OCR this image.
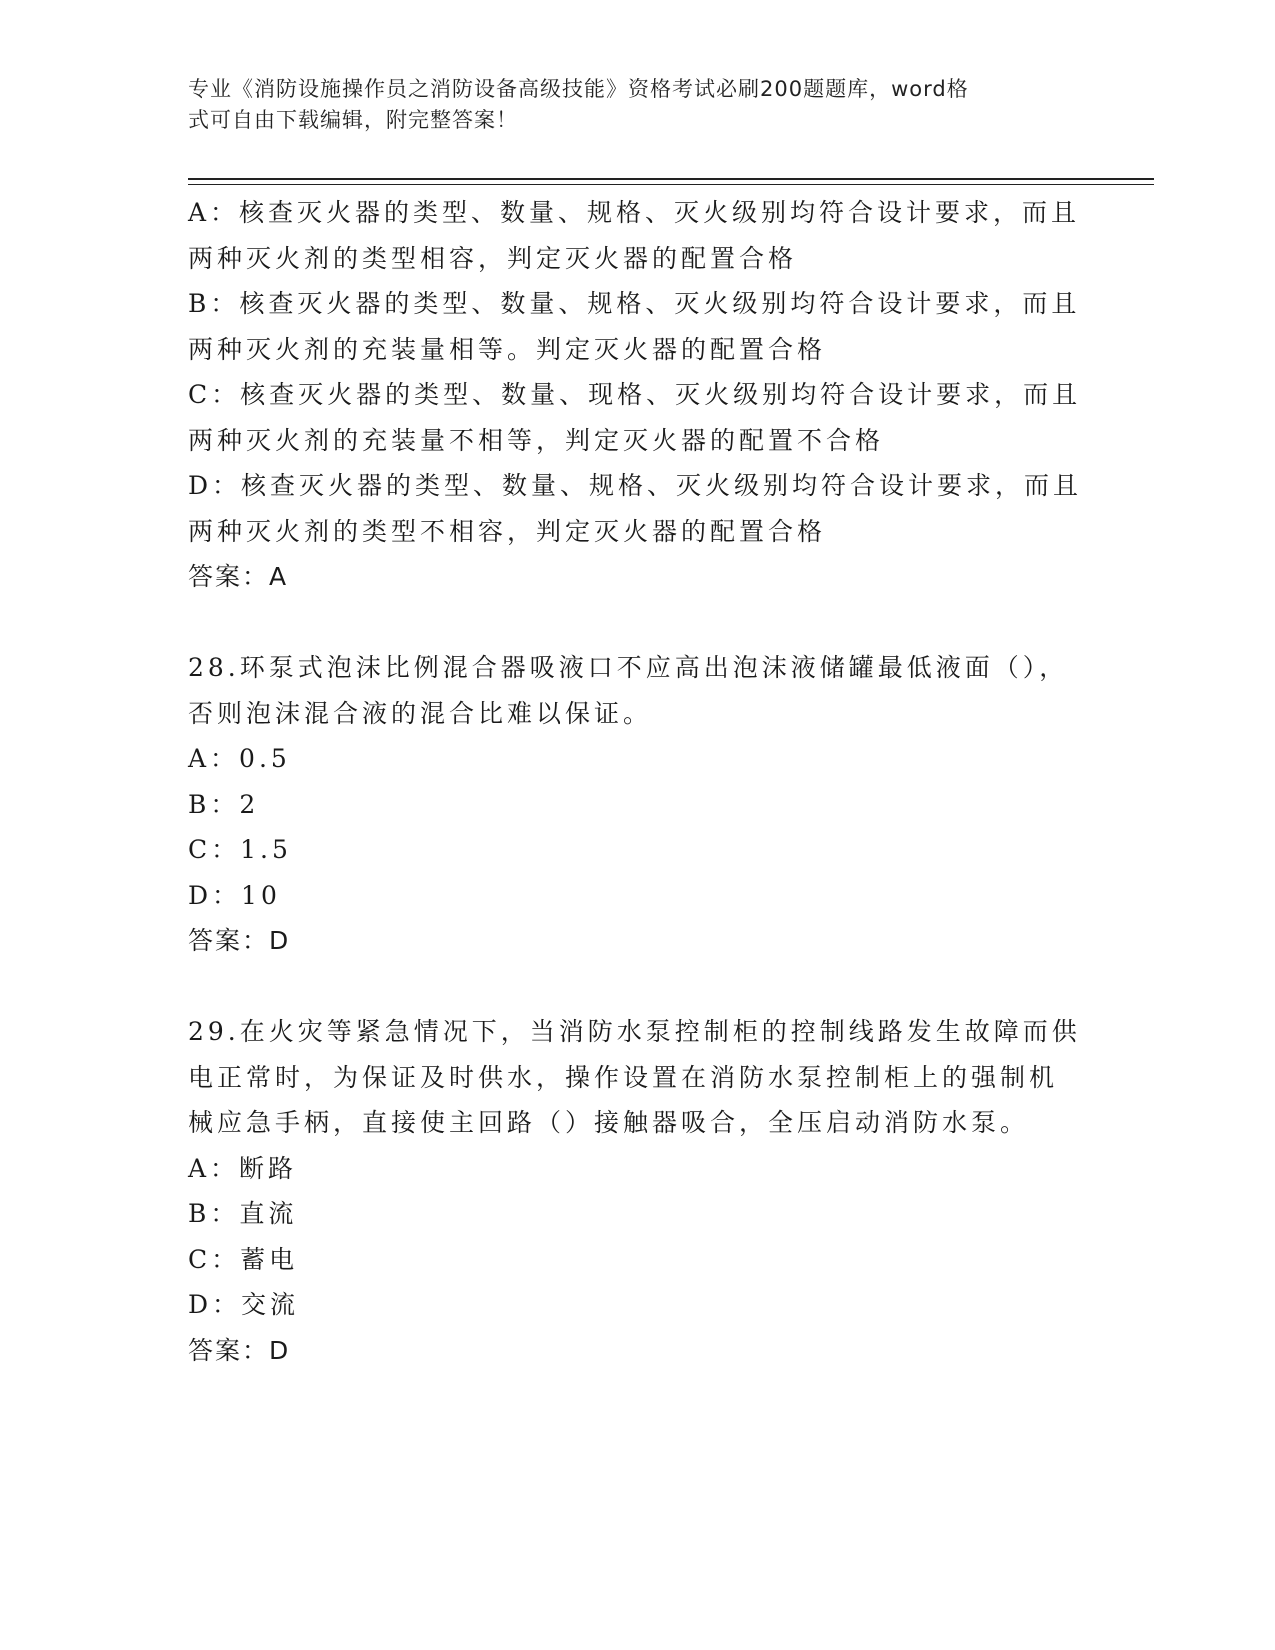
专业《消防设施操作员之消防设备高级技能》资格考试必刷200题题库，word格
式可自由下载编辑，附完整答案！
A：核查灭火器的类型、数量、规格、灭火级别均符合设计要求，而且
两种灭火剂的类型相容，判定灭火器的配置合格
B：核查灭火器的类型、数量、规格、灭火级别均符合设计要求，而且
两种灭火剂的充装量相等。判定灭火器的配置合格
C：核查灭火器的类型、数量、现格、灭火级别均符合设计要求，而且
两种灭火剂的充装量不相等，判定灭火器的配置不合格
D：核查灭火器的类型、数量、规格、灭火级别均符合设计要求，而且
两种灭火剂的类型不相容，判定灭火器的配置合格
答案：A
28.环泵式泡沫比例混合器吸液口不应高出泡沫液储罐最低液面（），
否则泡沫混合液的混合比难以保证。
A：0.5
B：2
C：1.5
D：10
答案：D
29.在火灾等紧急情况下，当消防水泵控制柜的控制线路发生故障而供
电正常时，为保证及时供水，操作设置在消防水泵控制柜上的强制机
械应急手柄，直接使主回路（）接触器吸合，全压启动消防水泵。
A：断路
B：直流
C：蓄电
D：交流
答案：D
